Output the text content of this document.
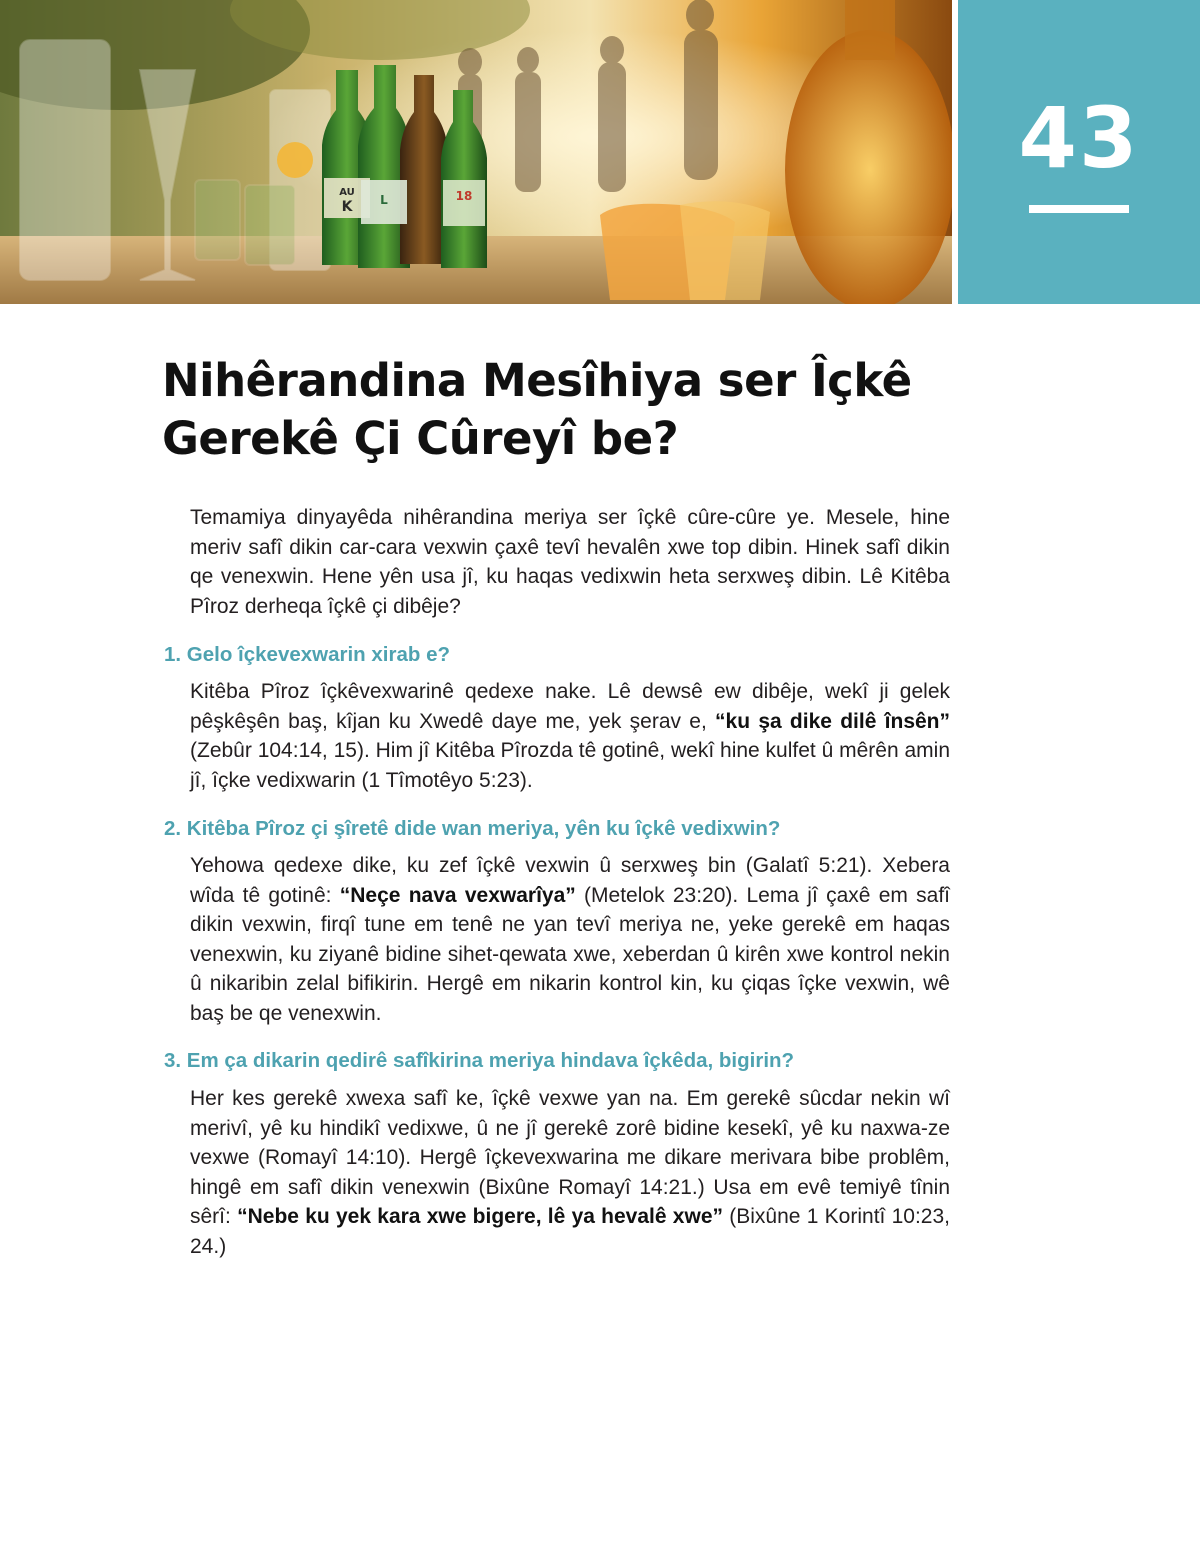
AU
K L	18
43
Nihêrandina Mesîhiya ser Îçkê Gerekê Çi Cûreyî be?

Temamiya dinyayêda nihêrandina meriya ser îçkê cûre-cûre ye. Mesele, hine meriv safî dikin car-cara vexwin çaxê tevî hevalên xwe top dibin. Hinek safî dikin qe venexwin. Hene yên usa jî, ku haqas vedixwin heta serxweş dibin. Lê Kitêba Pîroz derheqa îçkê çi dibêje?

1. Gelo îçkevexwarin xirab e?

Kitêba Pîroz îçkêvexwarinê qedexe nake. Lê dewsê ew dibêje, wekî ji gelek pêşkêşên baş, kîjan ku Xwedê daye me, yek şerav e, “ku şa dike dilê însên” (Zebûr 104:14, 15). Him jî Kitêba Pîrozda tê gotinê, wekî hine kulfet û mêrên amin jî, îçke vedixwarin (1 Tîmotêyo 5:23).

2. Kitêba Pîroz çi şîretê dide wan meriya, yên ku îçkê vedixwin?

Yehowa qedexe dike, ku zef îçkê vexwin û serxweş bin (Galatî 5:21). Xebera wîda tê gotinê: “Neçe nava vexwarîya” (Metelok 23:20). Lema jî çaxê em safî dikin vexwin, firqî tune em tenê ne yan tevî meriya ne, yeke gerekê em haqas venexwin, ku ziyanê bidine sihet-qewata xwe, xeberdan û kirên xwe kontrol nekin û nikaribin zelal bifikirin. Hergê em nikarin kontrol kin, ku çiqas îçke vexwin, wê baş be qe venexwin.

3. Em ça dikarin qedirê safîkirina meriya hindava îçkêda, bigirin?

Her kes gerekê xwexa safî ke, îçkê vexwe yan na. Em gerekê sûcdar nekin wî merivî, yê ku hindikî vedixwe, û ne jî gerekê zorê bidine kesekî, yê ku naxwa-ze vexwe (Romayî 14:10). Hergê îçkevexwarina me dikare merivara bibe problêm, hingê em safî dikin venexwin (Bixûne Romayî 14:21.) Usa em evê temiyê tînin sêrî: “Nebe ku yek kara xwe bigere, lê ya hevalê xwe” (Bixûne 1 Korintî 10:23, 24.)
